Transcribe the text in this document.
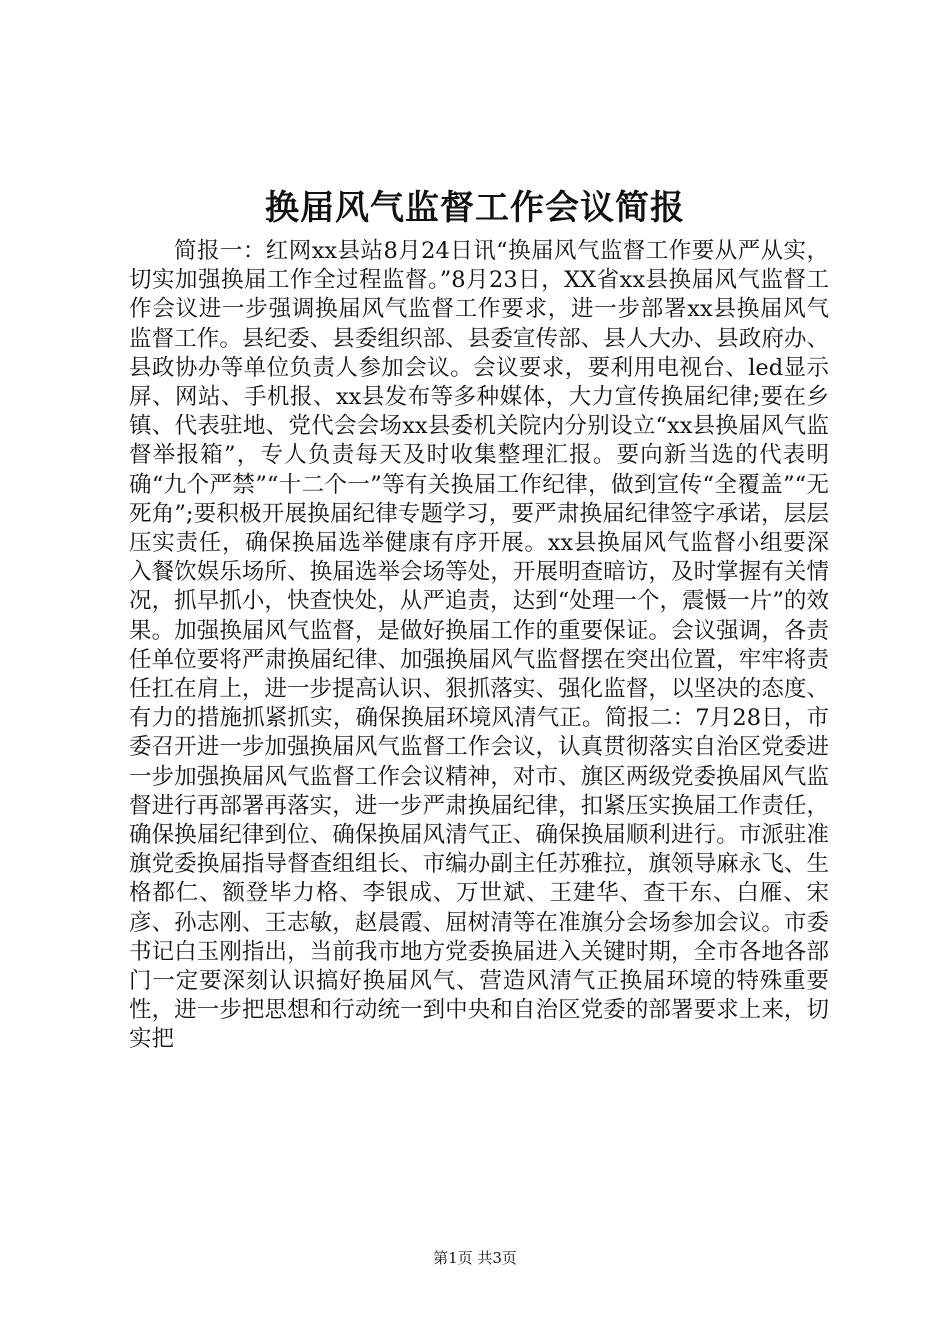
换届风气监督工作会议简报

简报一：红网xx县站8月24日讯“换届风气监督工作要从严从实，切实加强换届工作全过程监督。”8月23日，XX省xx县换届风气监督工作会议进一步强调换届风气监督工作要求，进一步部署xx县换届风气监督工作。县纪委、县委组织部、县委宣传部、县人大办、县政府办、县政协办等单位负责人参加会议。会议要求，要利用电视台、led显示屏、网站、手机报、xx县发布等多种媒体，大力宣传换届纪律;要在乡镇、代表驻地、党代会会场xx县委机关院内分别设立“xx县换届风气监督举报箱”，专人负责每天及时收集整理汇报。要向新当选的代表明确“九个严禁”“十二个一”等有关换届工作纪律，做到宣传“全覆盖”“无死角”;要积极开展换届纪律专题学习，要严肃换届纪律签字承诺，层层压实责任，确保换届选举健康有序开展。xx县换届风气监督小组要深入餐饮娱乐场所、换届选举会场等处，开展明查暗访，及时掌握有关情况，抓早抓小，快查快处，从严追责，达到“处理一个，震慑一片”的效果。加强换届风气监督，是做好换届工作的重要保证。会议强调，各责任单位要将严肃换届纪律、加强换届风气监督摆在突出位置，牢牢将责任扛在肩上，进一步提高认识、狠抓落实、强化监督，以坚决的态度、有力的措施抓紧抓实，确保换届环境风清气正。简报二：7月28日，市委召开进一步加强换届风气监督工作会议，认真贯彻落实自治区党委进一步加强换届风气监督工作会议精神，对市、旗区两级党委换届风气监督进行再部署再落实，进一步严肃换届纪律，扣紧压实换届工作责任，确保换届纪律到位、确保换届风清气正、确保换届顺利进行。市派驻准旗党委换届指导督查组组长、市编办副主任苏雅拉，旗领导麻永飞、生格都仁、额登毕力格、李银成、万世斌、王建华、查干东、白雁、宋彦、孙志刚、王志敏，赵晨霞、屈树清等在准旗分会场参加会议。市委书记白玉刚指出，当前我市地方党委换届进入关键时期，全市各地各部门一定要深刻认识搞好换届风气、营造风清气正换届环境的特殊重要性，进一步把思想和行动统一到中央和自治区党委的部署要求上来，切实把

第1页 共3页
